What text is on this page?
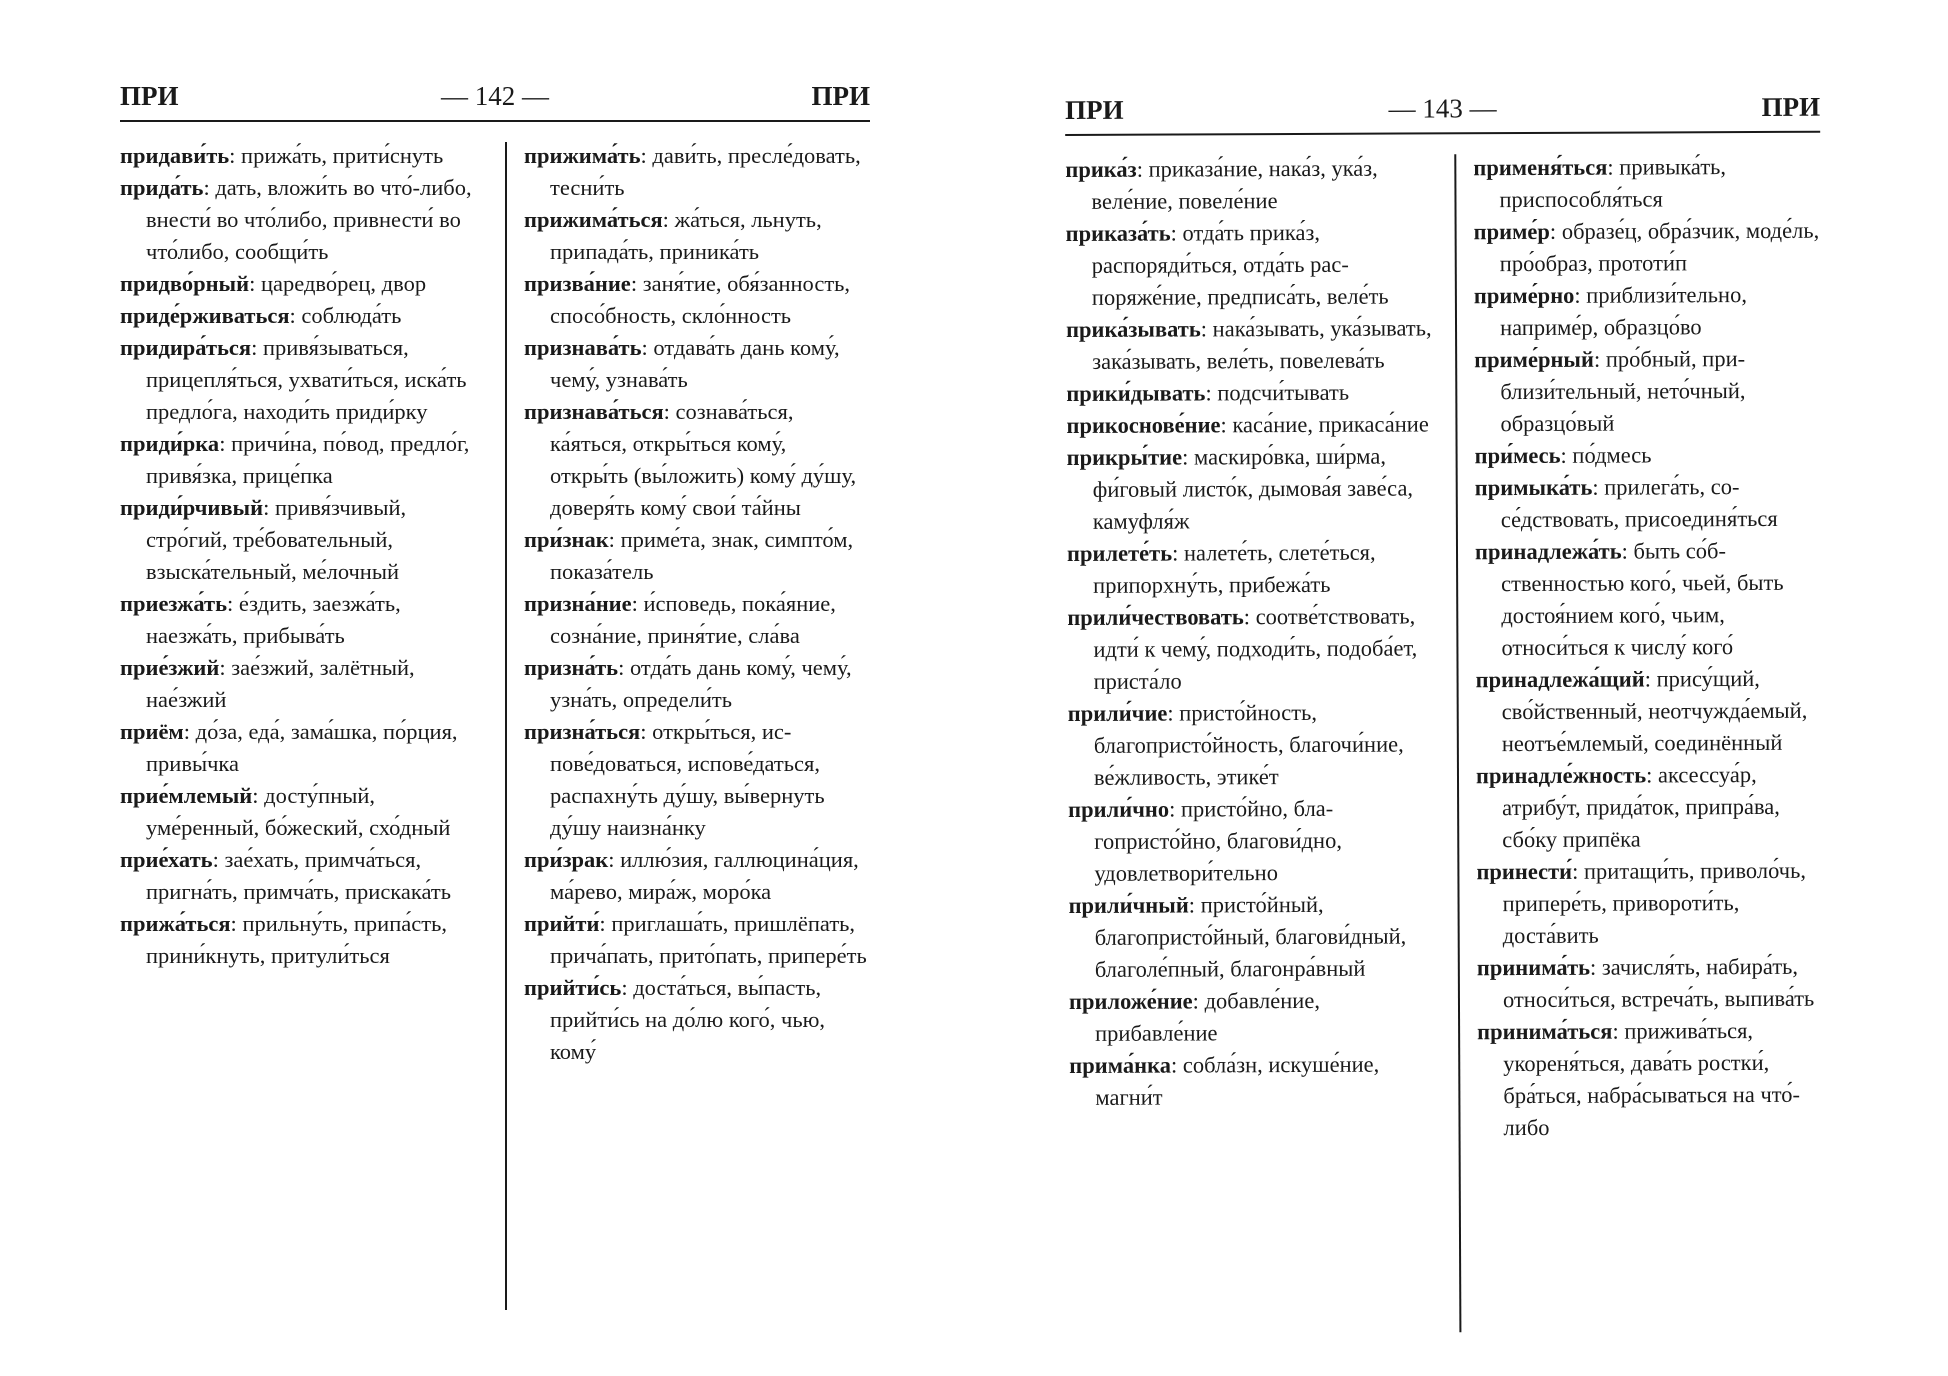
— 142 —
ПРИ	ПРИ

придави́ть: прижа́ть, прити́снуть

прида́ть: дать, вложи́ть во что́-либо, внести́ во что́либо, привнести́ во что́либо, сообщи́ть

придво́рный: царедво́рец, двор

приде́рживаться: соблюда́ть

придира́ться: привя́зываться, прицепля́ться, ухвати́ться, иска́ть предло́га, находи́ть приди́рку

приди́рка: причи́на, по́вод, предло́г, привя́зка, прице́пка

приди́рчивый: привя́зчивый, стро́гий, тре́бовательный, взыска́тельный, ме́лочный

приезжа́ть: е́здить, заезжа́ть, наезжа́ть, прибыва́ть

прие́зжий: зае́зжий, залётный, нае́зжий

приём: до́за, еда́, зама́шка, по́рция, привы́чка

прие́млемый: досту́пный, уме́ренный, бо́жеский, схо́дный

прие́хать: зае́хать, примча́ться, пригна́ть, примча́ть, прискака́ть

прижа́ться: прильну́ть, припа́сть, прини́кнуть, притули́ться

прижима́ть: дави́ть, пресле́довать, тесни́ть

прижима́ться: жа́ться, льнуть, припада́ть, приника́ть

призва́ние: заня́тие, обя́занность, спосо́бность, скло́нность

признава́ть: отдава́ть дань кому́, чему́, узнава́ть

признава́ться: сознава́ться, ка́яться, откры́ться кому́, откры́ть (вы́ложить) кому́ ду́шу, доверя́ть кому́ свои́ та́йны

при́знак: приме́та, знак, симпто́м, показа́тель

призна́ние: и́споведь, пока́яние, созна́ние, приня́тие, сла́ва

призна́ть: отда́ть дань кому́, чему́, узна́ть, определи́ть

призна́ться: откры́ться, испове́доваться, испове́даться, распахну́ть ду́шу, вы́вернуть ду́шу наизна́нку

при́зрак: иллю́зия, галлюцина́ция, ма́рево, мира́ж, моро́ка

прийти́: приглаша́ть, пришлёпать, прича́пать, прито́пать, припере́ть

прийти́сь: доста́ться, вы́пасть, прийти́сь на до́лю кого́, чью, кому́

— 143 —
ПРИ	ПРИ

прика́з: приказа́ние, нака́з, ука́з, веле́ние, повеле́ние

приказа́ть: отда́ть прика́з, распоряди́ться, отда́ть распоряже́ние, предписа́ть, веле́ть

прика́зывать: нака́зывать, ука́зывать, зака́зывать, веле́ть, повелева́ть

прики́дывать: подсчи́тывать

прикоснове́ние: каса́ние, прикаса́ние

прикры́тие: маскиро́вка, ши́рма, фи́говый листо́к, дымова́я заве́са, камуфля́ж

прилете́ть: налете́ть, слете́ться, припорхну́ть, прибежа́ть

прили́чествовать: соотве́тствовать, идти́ к чему́, подходи́ть, подоба́ет, приста́ло

прили́чие: присто́йность, благопристо́йность, благочи́ние, ве́жливость, этике́т

прили́чно: присто́йно, благопристо́йно, благови́дно, удовлетвори́тельно

прили́чный: присто́йный, благопристо́йный, благови́дный, благоле́пный, благонра́вный

приложе́ние: добавле́ние, прибавле́ние

прима́нка: собла́зн, искуше́ние, магни́т

применя́ться: привыка́ть, приспособля́ться

приме́р: образе́ц, обра́зчик, моде́ль, про́образ, прототи́п

приме́рно: приблизи́тельно, наприме́р, образцо́во

приме́рный: про́бный, приблизи́тельный, нето́чный, образцо́вый

при́месь: по́дмесь

примыка́ть: прилега́ть, сосе́дствовать, присоединя́ться

принадлежа́ть: быть со́бственностью кого́, чьей, быть достоя́нием кого́, чьим, относи́ться к числу́ кого́

принадлежа́щий: прису́щий, сво́йственный, неотчужда́емый, неотъе́млемый, соединённый

принадле́жность: аксессуа́р, атрибу́т, прида́ток, припра́ва, сбо́ку припёка

принести́: притащи́ть, приволо́чь, припере́ть, привороти́ть, доста́вить

принима́ть: зачисля́ть, набира́ть, относи́ться, встреча́ть, выпива́ть

принима́ться: прижива́ться, укореня́ться, дава́ть ростки́, бра́ться, набра́сываться на что́-либо
